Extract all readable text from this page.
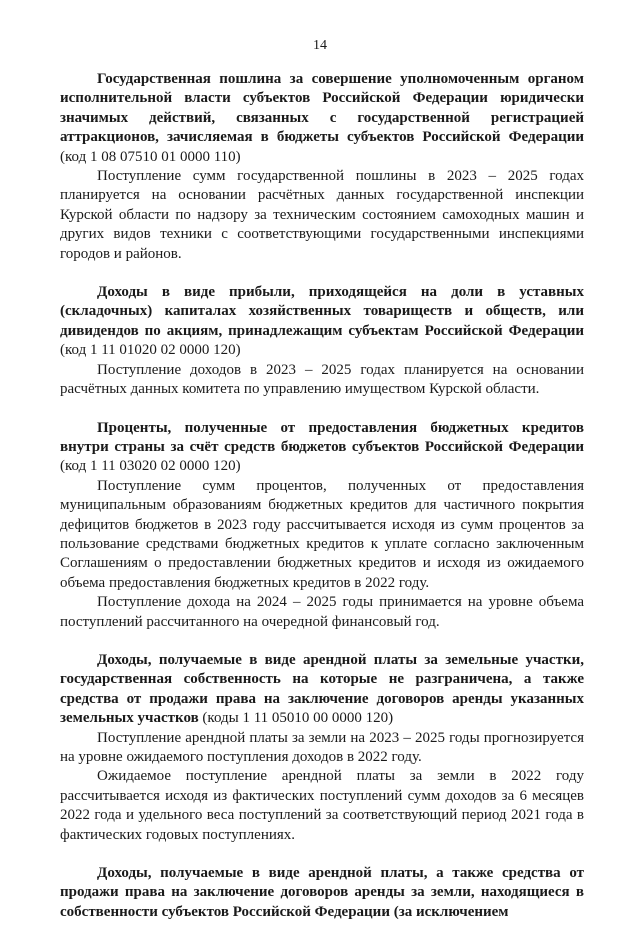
14
Государственная пошлина за совершение уполномоченным органом исполнительной власти субъектов Российской Федерации юридически значимых действий, связанных с государственной регистрацией аттракционов, зачисляемая в бюджеты субъектов Российской Федерации (код 1 08 07510 01 0000 110)
Поступление сумм государственной пошлины в 2023 – 2025 годах планируется на основании расчётных данных государственной инспекции Курской области по надзору за техническим состоянием самоходных машин и других видов техники с соответствующими государственными инспекциями городов и районов.
Доходы в виде прибыли, приходящейся на доли в уставных (складочных) капиталах хозяйственных товариществ и обществ, или дивидендов по акциям, принадлежащим субъектам Российской Федерации (код 1 11 01020 02 0000 120)
Поступление доходов в 2023 – 2025 годах планируется на основании расчётных данных комитета по управлению имуществом Курской области.
Проценты, полученные от предоставления бюджетных кредитов внутри страны за счёт средств бюджетов субъектов Российской Федерации (код 1 11 03020 02 0000 120)
Поступление сумм процентов, полученных от предоставления муниципальным образованиям бюджетных кредитов для частичного покрытия дефицитов бюджетов в 2023 году рассчитывается исходя из сумм процентов за пользование средствами бюджетных кредитов к уплате согласно заключенным Соглашениям о предоставлении бюджетных кредитов и исходя из ожидаемого объема предоставления бюджетных кредитов в 2022 году.
Поступление дохода на 2024 – 2025 годы принимается на уровне объема поступлений рассчитанного на очередной финансовый год.
Доходы, получаемые в виде арендной платы за земельные участки, государственная собственность на которые не разграничена, а также средства от продажи права на заключение договоров аренды указанных земельных участков (коды 1 11 05010 00 0000 120)
Поступление арендной платы за земли на 2023 – 2025 годы прогнозируется на уровне ожидаемого поступления доходов в 2022 году.
Ожидаемое поступление арендной платы за земли в 2022 году рассчитывается исходя из фактических поступлений сумм доходов за 6 месяцев 2022 года и удельного веса поступлений за соответствующий период 2021 года в фактических годовых поступлениях.
Доходы, получаемые в виде арендной платы, а также средства от продажи права на заключение договоров аренды за земли, находящиеся в собственности субъектов Российской Федерации (за исключением
